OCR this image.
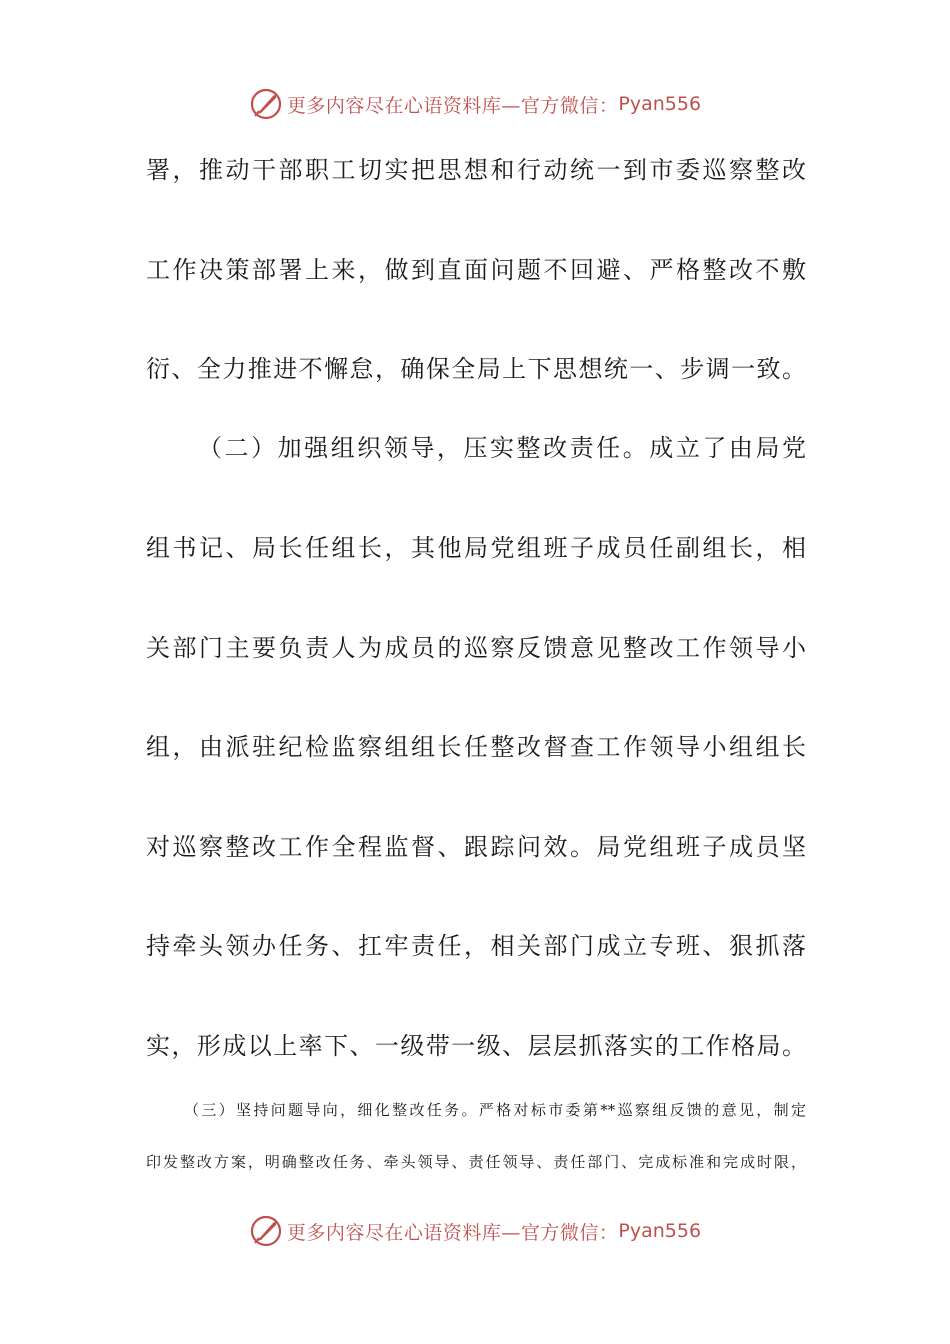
更多内容尽在心语资料库—官方微信： Pyan556
署，推动干部职工切实把思想和行动统一到市委巡察整改
工作决策部署上来，做到直面问题不回避、严格整改不敷
衍、全力推进不懈怠，确保全局上下思想统一、步调一致。
（二）加强组织领导，压实整改责任。成立了由局党
组书记、局长任组长，其他局党组班子成员任副组长，相
关部门主要负责人为成员的巡察反馈意见整改工作领导小
组，由派驻纪检监察组组长任整改督查工作领导小组组长
对巡察整改工作全程监督、跟踪问效。局党组班子成员坚
持牵头领办任务、扛牢责任，相关部门成立专班、狠抓落
实，形成以上率下、一级带一级、层层抓落实的工作格局。
（三）坚持问题导向，细化整改任务。严格对标市委第**巡察组反馈的意见，制定
印发整改方案，明确整改任务、牵头领导、责任领导、责任部门、完成标准和完成时限，
更多内容尽在心语资料库—官方微信： Pyan556
